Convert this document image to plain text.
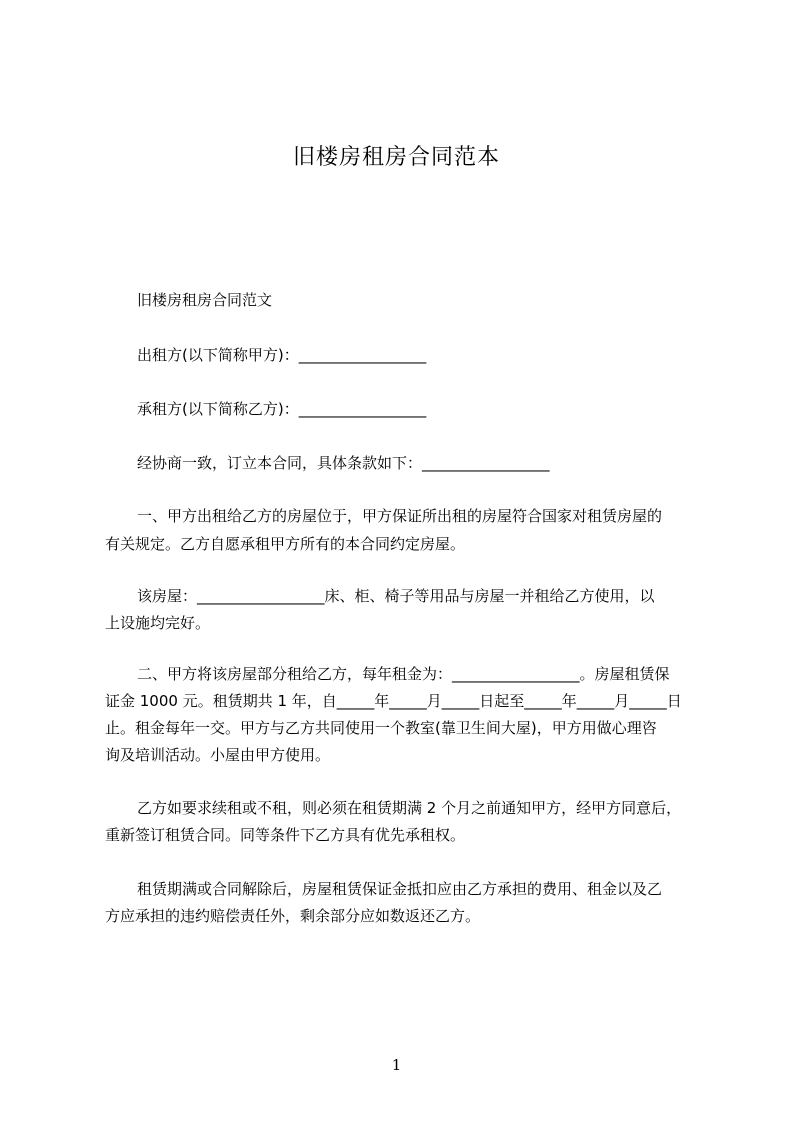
旧楼房租房合同范本
旧楼房租房合同范文
出租方(以下简称甲方)：_________________
承租方(以下简称乙方)：_________________
经协商一致，订立本合同，具体条款如下：_________________
一、甲方出租给乙方的房屋位于，甲方保证所出租的房屋符合国家对租赁房屋的
有关规定。乙方自愿承租甲方所有的本合同约定房屋。
该房屋：_________________床、柜、椅子等用品与房屋一并租给乙方使用，以
上设施均完好。
二、甲方将该房屋部分租给乙方，每年租金为：_________________。房屋租赁保
证金 1000 元。租赁期共 1 年，自_____年_____月_____日起至_____年_____月_____日
止。租金每年一交。甲方与乙方共同使用一个教室(靠卫生间大屋)，甲方用做心理咨
询及培训活动。小屋由甲方使用。
乙方如要求续租或不租，则必须在租赁期满 2 个月之前通知甲方，经甲方同意后，
重新签订租赁合同。同等条件下乙方具有优先承租权。
租赁期满或合同解除后，房屋租赁保证金抵扣应由乙方承担的费用、租金以及乙
方应承担的违约赔偿责任外，剩余部分应如数返还乙方。
1
